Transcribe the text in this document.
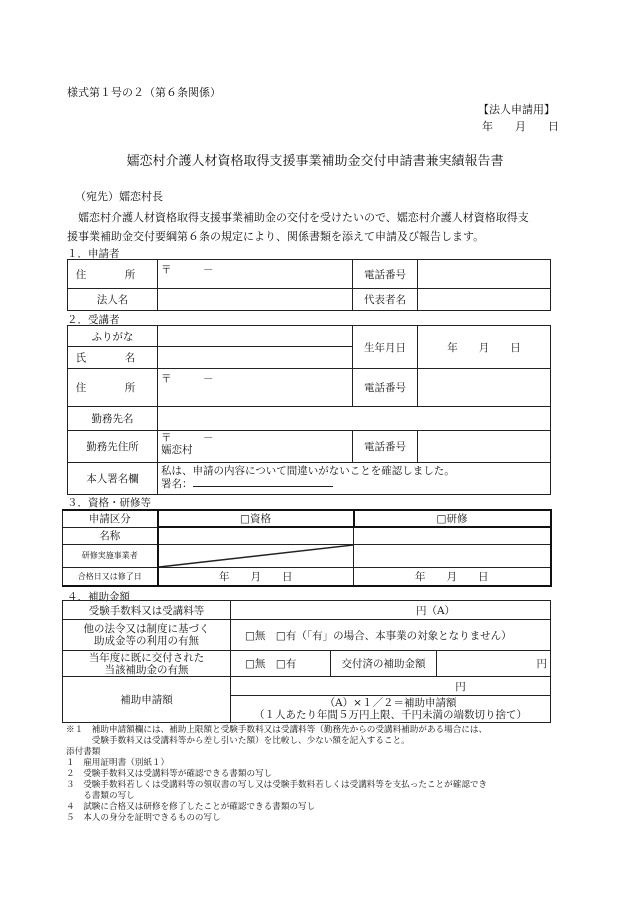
様式第１号の２（第６条関係）
【法人申請用】
年　　月　　日
嬬恋村介護人材資格取得支援事業補助金交付申請書兼実績報告書
（宛先）嬬恋村長
　嬬恋村介護人材資格取得支援事業補助金の交付を受けたいので、嬬恋村介護人材資格取得支
援事業補助金交付要綱第６条の規定により、関係書類を添えて申請及び報告します。
１．申請者
住　所	〒　　　－	電話番号	
法人名		代表者名	
２．受講者
ふりがな		生年月日	年　　月　　日
氏　名			
住　所	〒　　　－	電話番号	
勤務先名			
勤務先住所	〒　　　－
嬬恋村	電話番号	
本人署名欄	私は、申請の内容について間違いがないことを確認しました。
署名：		
３．資格・研修等
申請区分	□資格	□研修
名称		
研修実施事業者	

合格日又は修了日	年　　月　　日	年　　月　　日
４．補助金額
受験手数料又は受講料等	円（A）		

他の法令又は制度に基づく
助成金等の利用の有無	□無　□有（「有」の場合、本事業の対象となりません）		

当年度に既に交付された
当該補助金の有無	□無　□有	交付済の補助金額	円
補助申請額	円		

	（A）×１／２＝補助申請額
（１人あたり年間５万円上限、千円未満の端数切り捨て）		
※１　補助申請額欄には、補助上限額と受験手数料又は受講料等（勤務先からの受講料補助がある場合には、
　　　受験手数料又は受講料等から差し引いた額）を比較し、少ない額を記入すること。
添付書類
１　雇用証明書（別紙１）
２　受験手数料又は受講料等が確認できる書類の写し
３　受験手数料若しくは受講料等の領収書の写し又は受験手数料若しくは受講料等を支払ったことが確認でき
　　る書類の写し
４　試験に合格又は研修を修了したことが確認できる書類の写し
５　本人の身分を証明できるものの写し
